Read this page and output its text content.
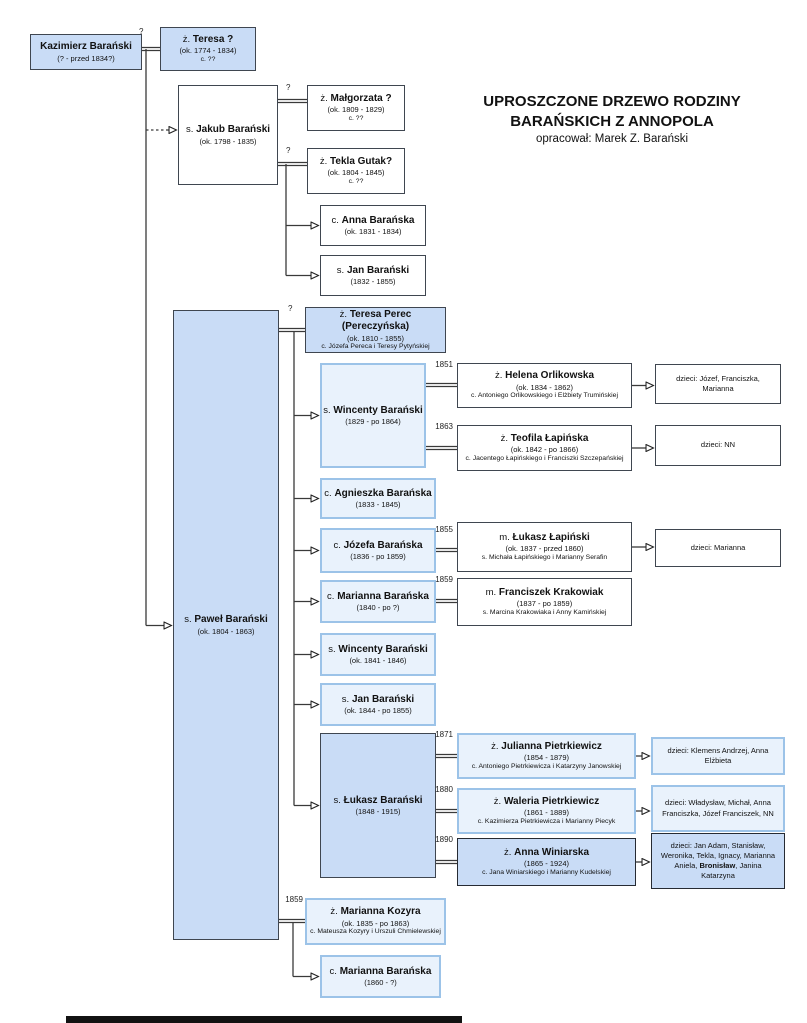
UPROSZCZONE DRZEWO RODZINY
BARAŃSKICH Z ANNOPOLA
opracował: Marek Z. Barański
Kazimierz Barański
(? - przed 1834?)
ż. Teresa ?
(ok. 1774 - 1834)
c. ??
s. Jakub Barański
(ok. 1798 - 1835)
ż. Małgorzata ?
(ok. 1809 - 1829)
c. ??
ż. Tekla Gutak?
(ok. 1804 - 1845)
c. ??
c. Anna Barańska
(ok. 1831 - 1834)
s. Jan Barański
(1832 - 1855)
s. Paweł Barański
(ok. 1804 - 1863)
ż. Teresa Perec (Pereczyńska)
(ok. 1810 - 1855)
c. Józefa Pereca i Teresy Pytyńskiej
s. Wincenty Barański
(1829 - po 1864)
ż. Helena Orlikowska
(ok. 1834 - 1862)
c. Antoniego Orlikowskiego i Elżbiety Trumińskiej
dzieci: Józef, Franciszka, Marianna
ż. Teofila Łapińska
(ok. 1842 - po 1866)
c. Jacentego Łapińskiego i Franciszki Szczepańskiej
dzieci: NN
c. Agnieszka Barańska
(1833 - 1845)
c. Józefa Barańska
(1836 - po 1859)
m. Łukasz Łapiński
(ok. 1837 - przed 1860)
s. Michała Łapińskiego i Marianny Serafin
dzieci: Marianna
c. Marianna Barańska
(1840 - po ?)
m. Franciszek Krakowiak
(1837 - po 1859)
s. Marcina Krakowiaka i Anny Kamińskiej
s. Wincenty Barański
(ok. 1841 - 1846)
s. Jan Barański
(ok. 1844 - po 1855)
s. Łukasz Barański
(1848 - 1915)
ż. Julianna Pietrkiewicz
(1854 - 1879)
c. Antoniego Pietrkiewicza i Katarzyny Janowskiej
dzieci: Klemens Andrzej, Anna Elżbieta
ż. Waleria Pietrkiewicz
(1861 - 1889)
c. Kazimierza Pietrkiewicza i Marianny Piecyk
dzieci: Władysław, Michał, Anna Franciszka, Józef Franciszek, NN
ż. Anna Winiarska
(1865 - 1924)
c. Jana Winiarskiego i Marianny Kudelskiej
dzieci: Jan Adam, Stanisław, Weronika, Tekla, Ignacy, Marianna Aniela, Bronisław, Janina Katarzyna
ż. Marianna Kozyra
(ok. 1835 - po 1863)
c. Mateusza Kozyry i Urszuli Chmielewskiej
c. Marianna Barańska
(1860 - ?)
?
?
?
?
1851
1863
1855
1859
1871
1880
1890
1859
